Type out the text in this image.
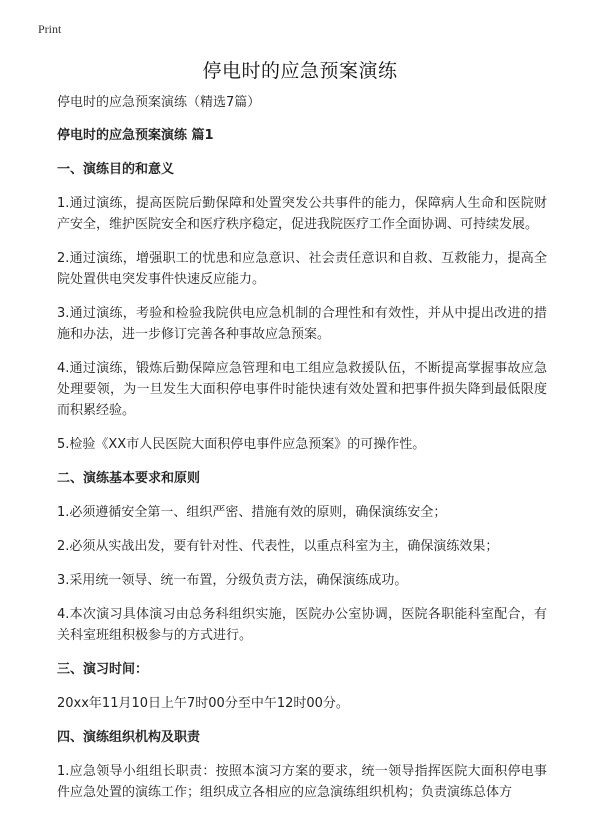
Print
停电时的应急预案演练
停电时的应急预案演练（精选7篇）
停电时的应急预案演练 篇1
一、演练目的和意义
1.通过演练，提高医院后勤保障和处置突发公共事件的能力，保障病人生命和医院财产安全，维护医院安全和医疗秩序稳定，促进我院医疗工作全面协调、可持续发展。
2.通过演练，增强职工的忧患和应急意识、社会责任意识和自救、互救能力，提高全院处置供电突发事件快速反应能力。
3.通过演练，考验和检验我院供电应急机制的合理性和有效性，并从中提出改进的措施和办法，进一步修订完善各种事故应急预案。
4.通过演练，锻炼后勤保障应急管理和电工组应急救援队伍，不断提高掌握事故应急处理要领，为一旦发生大面积停电事件时能快速有效处置和把事件损失降到最低限度而积累经验。
5.检验《XX市人民医院大面积停电事件应急预案》的可操作性。
二、演练基本要求和原则
1.必须遵循安全第一、组织严密、措施有效的原则，确保演练安全；
2.必须从实战出发，要有针对性、代表性，以重点科室为主，确保演练效果；
3.采用统一领导、统一布置，分级负责方法，确保演练成功。
4.本次演习具体演习由总务科组织实施，医院办公室协调，医院各职能科室配合，有关科室班组积极参与的方式进行。
三、演习时间：
20xx年11月10日上午7时00分至中午12时00分。
四、演练组织机构及职责
1.应急领导小组组长职责：按照本演习方案的要求，统一领导指挥医院大面积停电事件应急处置的演练工作；组织成立各相应的应急演练组织机构；负责演练总体方
